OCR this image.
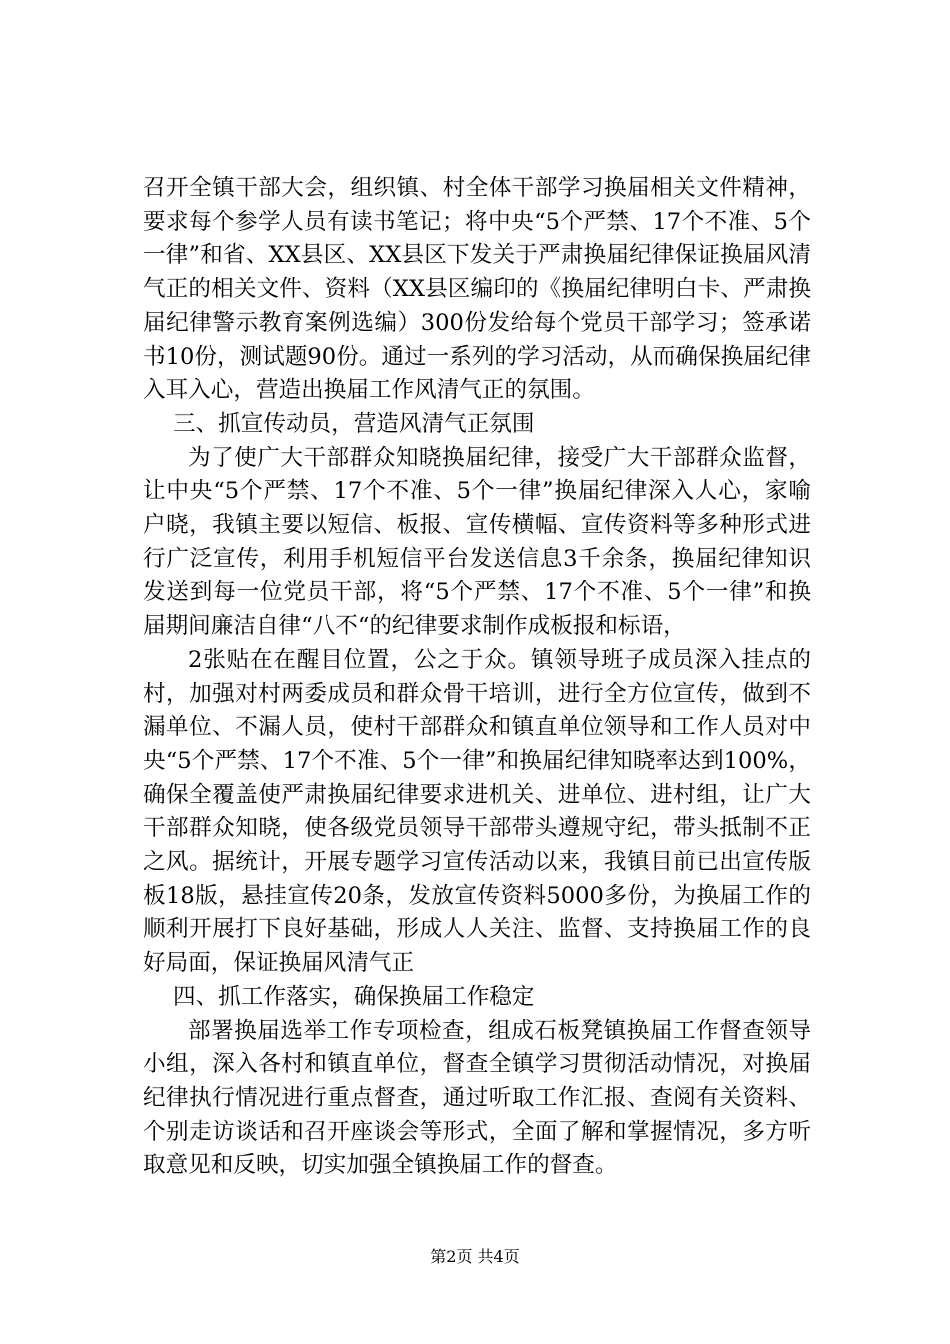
召开全镇干部大会，组织镇、村全体干部学习换届相关文件精神，要求每个参学人员有读书笔记；将中央“5个严禁、17个不准、5个一律”和省、XX县区、XX县区下发关于严肃换届纪律保证换届风清气正的相关文件、资料（XX县区编印的《换届纪律明白卡、严肃换届纪律警示教育案例选编）300份发给每个党员干部学习；签承诺书10份，测试题90份。通过一系列的学习活动，从而确保换届纪律入耳入心，营造出换届工作风清气正的氛围。

三、抓宣传动员，营造风清气正氛围

为了使广大干部群众知晓换届纪律，接受广大干部群众监督，让中央“5个严禁、17个不准、5个一律”换届纪律深入人心，家喻户晓，我镇主要以短信、板报、宣传横幅、宣传资料等多种形式进行广泛宣传，利用手机短信平台发送信息3千余条，换届纪律知识发送到每一位党员干部，将“5个严禁、17个不准、5个一律”和换届期间廉洁自律“八不“的纪律要求制作成板报和标语，

2张贴在在醒目位置，公之于众。镇领导班子成员深入挂点的村，加强对村两委成员和群众骨干培训，进行全方位宣传，做到不漏单位、不漏人员，使村干部群众和镇直单位领导和工作人员对中央“5个严禁、17个不准、5个一律”和换届纪律知晓率达到100%，确保全覆盖使严肃换届纪律要求进机关、进单位、进村组，让广大干部群众知晓，使各级党员领导干部带头遵规守纪，带头抵制不正之风。据统计，开展专题学习宣传活动以来，我镇目前已出宣传版板18版，悬挂宣传20条，发放宣传资料5000多份，为换届工作的顺利开展打下良好基础，形成人人关注、监督、支持换届工作的良好局面，保证换届风清气正

四、抓工作落实，确保换届工作稳定

部署换届选举工作专项检查，组成石板凳镇换届工作督查领导小组，深入各村和镇直单位，督查全镇学习贯彻活动情况，对换届纪律执行情况进行重点督查，通过听取工作汇报、查阅有关资料、个别走访谈话和召开座谈会等形式，全面了解和掌握情况，多方听取意见和反映，切实加强全镇换届工作的督查。

第2页 共4页
